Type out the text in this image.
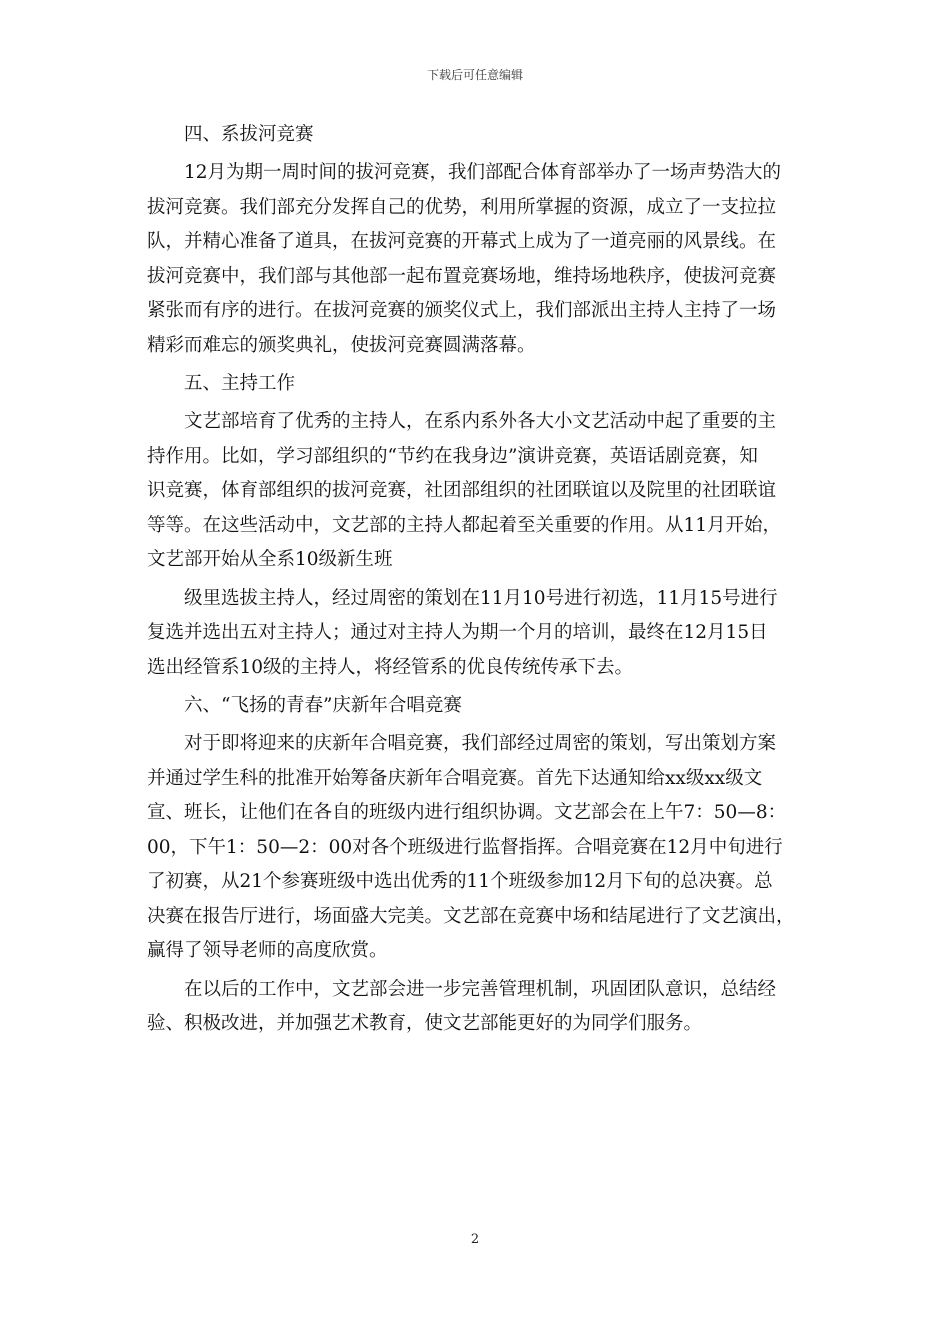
下载后可任意编辑
四、系拔河竞赛
12月为期一周时间的拔河竞赛，我们部配合体育部举办了一场声势浩大的
拔河竞赛。我们部充分发挥自己的优势，利用所掌握的资源，成立了一支拉拉
队，并精心准备了道具，在拔河竞赛的开幕式上成为了一道亮丽的风景线。在
拔河竞赛中，我们部与其他部一起布置竞赛场地，维持场地秩序，使拔河竞赛
紧张而有序的进行。在拔河竞赛的颁奖仪式上，我们部派出主持人主持了一场
精彩而难忘的颁奖典礼，使拔河竞赛圆满落幕。
五、主持工作
文艺部培育了优秀的主持人，在系内系外各大小文艺活动中起了重要的主
持作用。比如，学习部组织的“节约在我身边”演讲竞赛，英语话剧竞赛，知
识竞赛，体育部组织的拔河竞赛，社团部组织的社团联谊以及院里的社团联谊
等等。在这些活动中，文艺部的主持人都起着至关重要的作用。从11月开始，
文艺部开始从全系10级新生班
级里选拔主持人，经过周密的策划在11月10号进行初选，11月15号进行
复选并选出五对主持人；通过对主持人为期一个月的培训，最终在12月15日
选出经管系10级的主持人，将经管系的优良传统传承下去。
六、“飞扬的青春”庆新年合唱竞赛
对于即将迎来的庆新年合唱竞赛，我们部经过周密的策划，写出策划方案
并通过学生科的批准开始筹备庆新年合唱竞赛。首先下达通知给xx级xx级文
宣、班长，让他们在各自的班级内进行组织协调。文艺部会在上午7：50—8：
00，下午1：50—2：00对各个班级进行监督指挥。合唱竞赛在12月中旬进行
了初赛，从21个参赛班级中选出优秀的11个班级参加12月下旬的总决赛。总
决赛在报告厅进行，场面盛大完美。文艺部在竞赛中场和结尾进行了文艺演出，
赢得了领导老师的高度欣赏。
在以后的工作中，文艺部会进一步完善管理机制，巩固团队意识，总结经
验、积极改进，并加强艺术教育，使文艺部能更好的为同学们服务。
2
